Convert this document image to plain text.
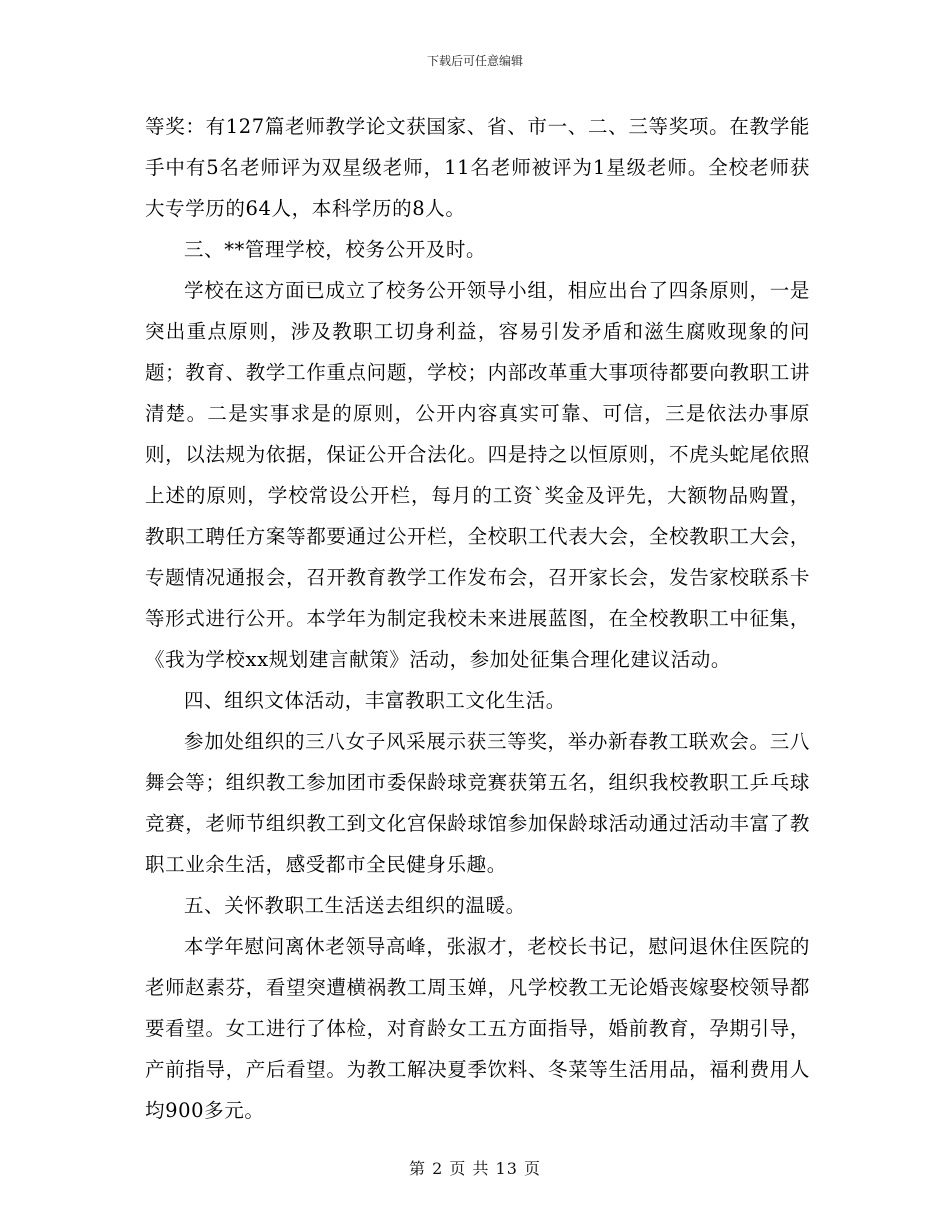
下载后可任意编辑

等奖：有127篇老师教学论文获国家、省、市一、二、三等奖项。在教学能手中有5名老师评为双星级老师，11名老师被评为1星级老师。全校老师获大专学历的64人，本科学历的8人。

三、**管理学校，校务公开及时。

学校在这方面已成立了校务公开领导小组，相应出台了四条原则，一是突出重点原则，涉及教职工切身利益，容易引发矛盾和滋生腐败现象的问题；教育、教学工作重点问题，学校；内部改革重大事项待都要向教职工讲清楚。二是实事求是的原则，公开内容真实可靠、可信，三是依法办事原则，以法规为依据，保证公开合法化。四是持之以恒原则，不虎头蛇尾依照上述的原则，学校常设公开栏，每月的工资`奖金及评先，大额物品购置，教职工聘任方案等都要通过公开栏，全校职工代表大会，全校教职工大会，专题情况通报会，召开教育教学工作发布会，召开家长会，发告家校联系卡等形式进行公开。本学年为制定我校未来进展蓝图，在全校教职工中征集，《我为学校xx规划建言献策》活动，参加处征集合理化建议活动。

四、组织文体活动，丰富教职工文化生活。

参加处组织的三八女子风采展示获三等奖，举办新春教工联欢会。三八舞会等；组织教工参加团市委保龄球竞赛获第五名，组织我校教职工乒乓球竞赛，老师节组织教工到文化宫保龄球馆参加保龄球活动通过活动丰富了教职工业余生活，感受都市全民健身乐趣。

五、关怀教职工生活送去组织的温暖。

本学年慰问离休老领导高峰，张淑才，老校长书记，慰问退休住医院的老师赵素芬，看望突遭横祸教工周玉婵，凡学校教工无论婚丧嫁娶校领导都要看望。女工进行了体检，对育龄女工五方面指导，婚前教育，孕期引导，产前指导，产后看望。为教工解决夏季饮料、冬菜等生活用品，福利费用人均900多元。

第 2 页 共 13 页
